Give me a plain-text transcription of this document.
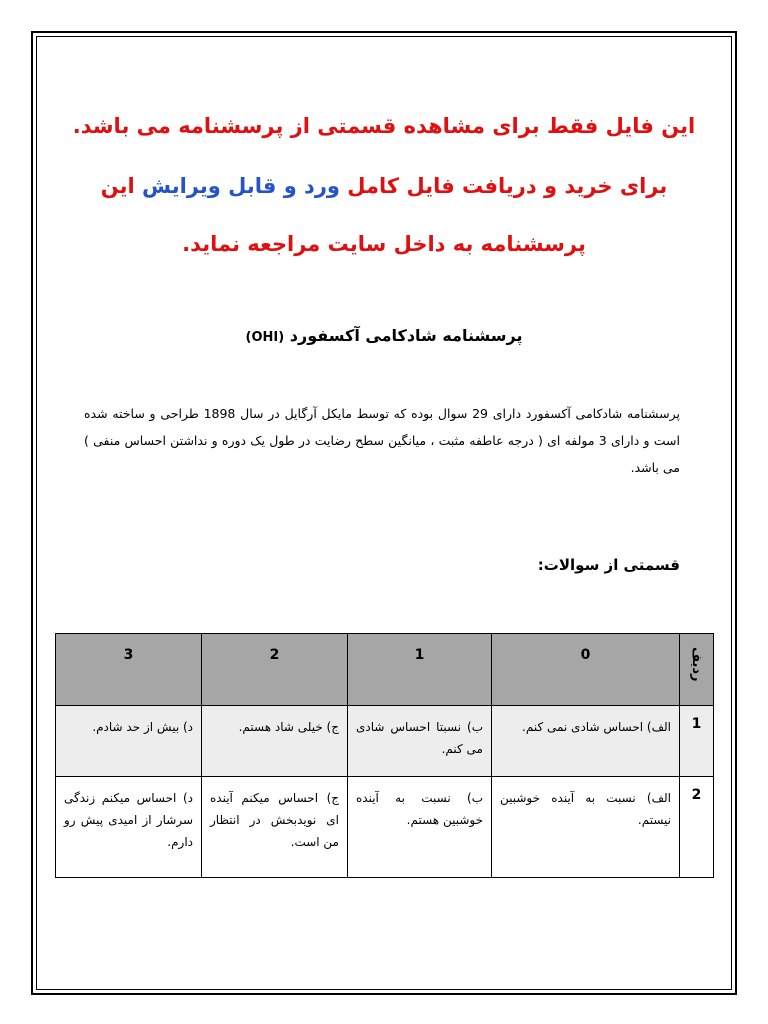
این فایل فقط برای مشاهده قسمتی از پرسشنامه می باشد.
برای خرید و دریافت فایل کامل ورد و قابل ویرایش این
پرسشنامه به داخل سایت مراجعه نماید.
پرسشنامه شادکامی آکسفورد (OHI)
پرسشنامه شادکامی آکسفورد دارای 29 سوال بوده که توسط مایکل آرگایل در سال 1898 طراحی و ساخته شده است و دارای 3 مولفه ای ( درجه عاطفه مثبت ، میانگین سطح رضایت در طول یک دوره و نداشتن احساس منفی ) می باشد.
قسمتی از سوالات:
ردیف	0	1	2	3
1	الف) احساس شادی نمی کنم.	ب) نسبتا احساس شادی می کنم.	ج) خیلی شاد هستم.	د) بیش از حد شادم.
2	الف) نسبت به آینده خوشبین نیستم.	ب) نسبت به آینده خوشبین هستم.	ج) احساس میکنم آینده ای نویدبخش در انتظار من است.	د) احساس میکنم زندگی سرشار از امیدی پیش رو دارم.
